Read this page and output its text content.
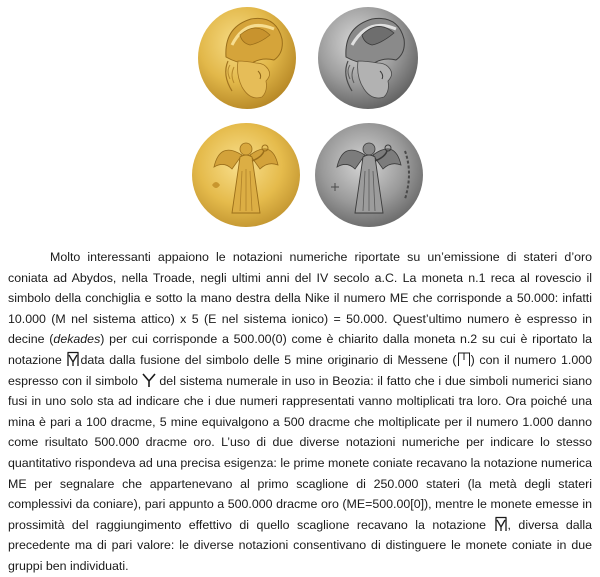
Molto interessanti appaiono le notazioni numeriche riportate su un’emissione di stateri d’oro coniata ad Abydos, nella Troade, negli ultimi anni del IV secolo a.C. La moneta n.1 reca al rovescio il simbolo della conchiglia e sotto la mano destra della Nike il numero ME che corrisponde a 50.000: infatti 10.000 (M nel sistema attico) x 5 (E nel sistema ionico) = 50.000. Quest’ultimo numero è espresso in decine (dekades) per cui corrisponde a 500.00(0) come è chiarito dalla moneta n.2 su cui è riportato la notazione
data dalla fusione del simbolo delle 5 mine originario di Messene ( ) con il numero 1.000 espresso con il simbolo
del sistema numerale in uso in Beozia: il fatto che i due simboli numerici siano fusi in uno solo sta ad indicare che i due numeri rappresentati vanno moltiplicati tra loro. Ora poiché una mina è pari a 100 dracme, 5 mine equivalgono a 500 dracme che moltiplicate per il numero 1.000 danno come risultato 500.000 dracme oro. L’uso di due diverse notazioni numeriche per indicare lo stesso quantitativo rispondeva ad una precisa esigenza: le prime monete coniate recavano la notazione numerica ME per segnalare che appartenevano al primo scaglione di 250.000 stateri (la metà degli stateri complessivi da coniare), pari appunto a 500.000 dracme oro (ME=500.00[0]), mentre le monete emesse in prossimità del raggiungimento effettivo di quello scaglione recavano la notazione
, diversa dalla precedente ma di pari valore: le diverse notazioni consentivano di distinguere le monete coniate in due gruppi ben individuati.
